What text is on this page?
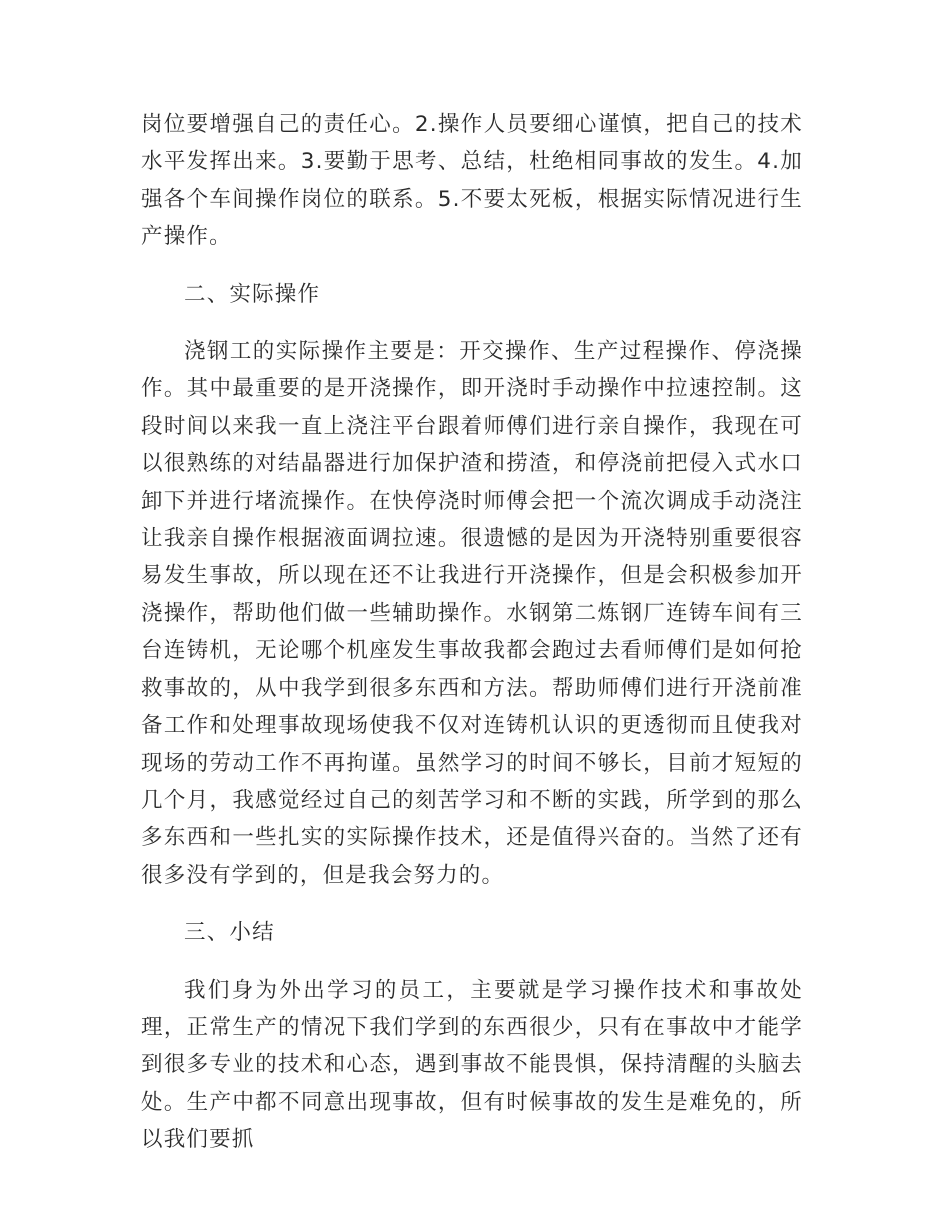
岗位要增强自己的责任心。2.操作人员要细心谨慎，把自己的技术水平发挥出来。3.要勤于思考、总结，杜绝相同事故的发生。4.加强各个车间操作岗位的联系。5.不要太死板，根据实际情况进行生产操作。

二、实际操作

浇钢工的实际操作主要是：开交操作、生产过程操作、停浇操作。其中最重要的是开浇操作，即开浇时手动操作中拉速控制。这段时间以来我一直上浇注平台跟着师傅们进行亲自操作，我现在可以很熟练的对结晶器进行加保护渣和捞渣，和停浇前把侵入式水口卸下并进行堵流操作。在快停浇时师傅会把一个流次调成手动浇注让我亲自操作根据液面调拉速。很遗憾的是因为开浇特别重要很容易发生事故，所以现在还不让我进行开浇操作，但是会积极参加开浇操作，帮助他们做一些辅助操作。水钢第二炼钢厂连铸车间有三台连铸机，无论哪个机座发生事故我都会跑过去看师傅们是如何抢救事故的，从中我学到很多东西和方法。帮助师傅们进行开浇前准备工作和处理事故现场使我不仅对连铸机认识的更透彻而且使我对现场的劳动工作不再拘谨。虽然学习的时间不够长，目前才短短的几个月，我感觉经过自己的刻苦学习和不断的实践，所学到的那么多东西和一些扎实的实际操作技术，还是值得兴奋的。当然了还有很多没有学到的，但是我会努力的。

三、小结

我们身为外出学习的员工，主要就是学习操作技术和事故处理，正常生产的情况下我们学到的东西很少，只有在事故中才能学到很多专业的技术和心态，遇到事故不能畏惧，保持清醒的头脑去处。生产中都不同意出现事故，但有时候事故的发生是难免的，所以我们要抓
